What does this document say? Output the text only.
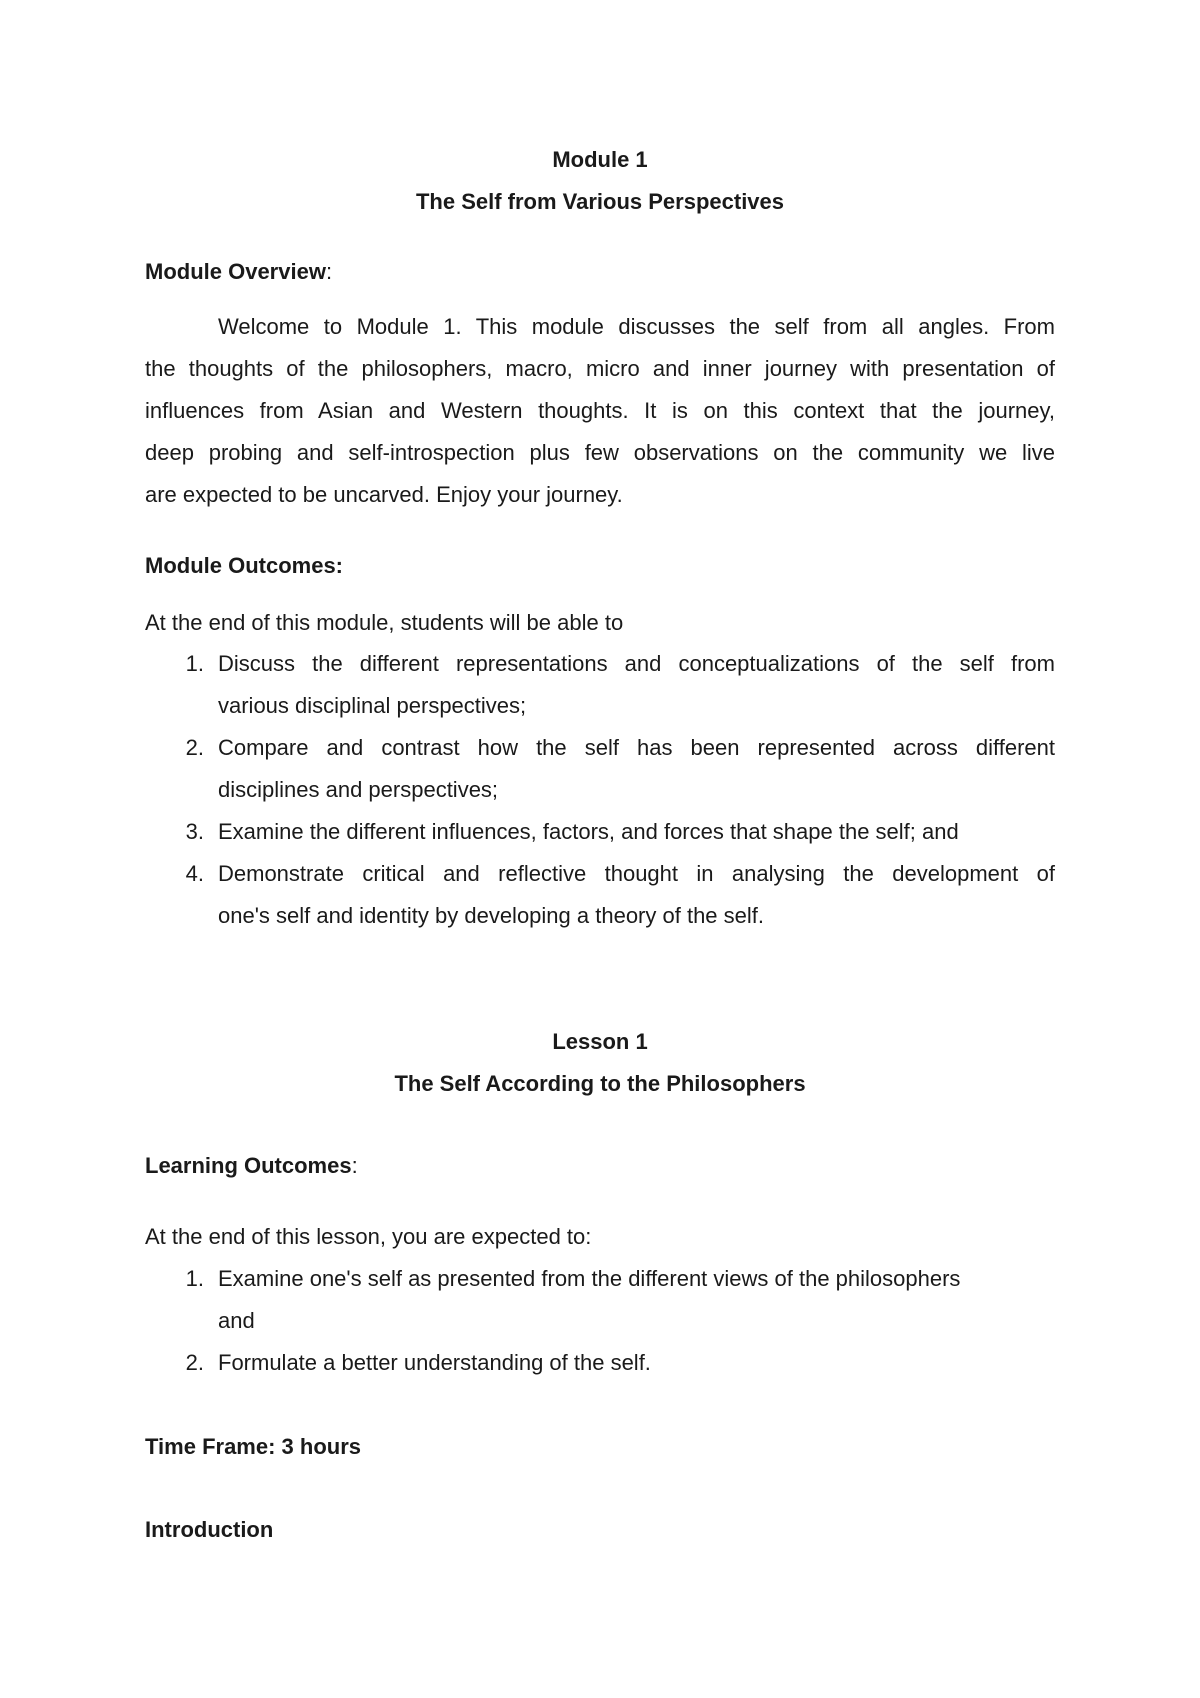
Module 1
The Self from Various Perspectives
Module Overview:
Welcome to Module 1. This module discusses the self from all angles. From
the thoughts of the philosophers, macro, micro and inner journey with presentation of
influences from Asian and Western thoughts. It is on this context that the journey,
deep probing and self-introspection plus few observations on the community we live
are expected to be uncarved. Enjoy your journey.
Module Outcomes:
At the end of this module, students will be able to
1. Discuss the different representations and conceptualizations of the self from
various disciplinal perspectives;
2. Compare and contrast how the self has been represented across different
disciplines and perspectives;
3. Examine the different influences, factors, and forces that shape the self; and
4. Demonstrate critical and reflective thought in analysing the development of
one's self and identity by developing a theory of the self.
Lesson 1
The Self According to the Philosophers
Learning Outcomes:
At the end of this lesson, you are expected to:
1. Examine one's self as presented from the different views of the philosophers
and
2. Formulate a better understanding of the self.
Time Frame: 3 hours
Introduction
